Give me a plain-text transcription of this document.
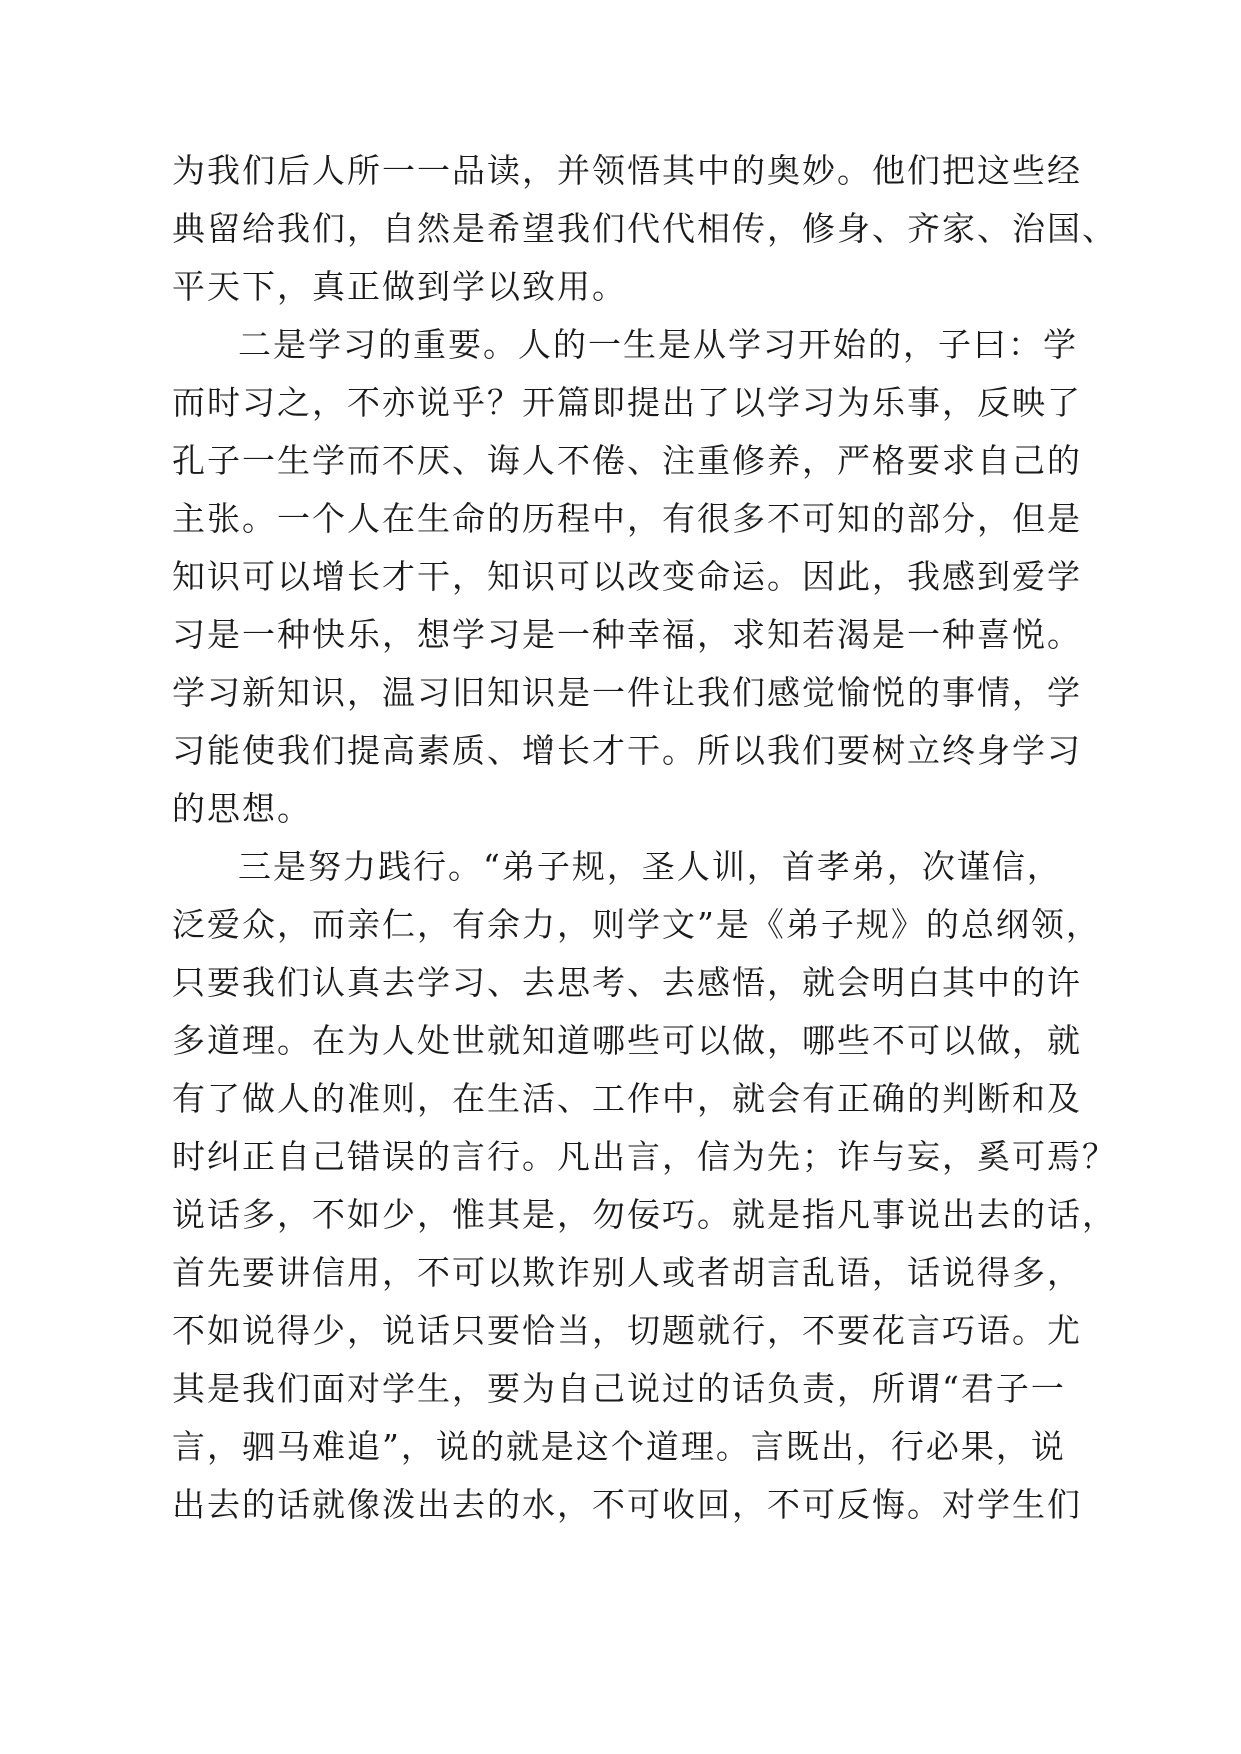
为我们后人所一一品读，并领悟其中的奥妙。他们把这些经
典留给我们，自然是希望我们代代相传，修身、齐家、治国、
平天下，真正做到学以致用。
二是学习的重要。人的一生是从学习开始的，子曰：学
而时习之，不亦说乎？开篇即提出了以学习为乐事，反映了
孔子一生学而不厌、诲人不倦、注重修养，严格要求自己的
主张。一个人在生命的历程中，有很多不可知的部分，但是
知识可以增长才干，知识可以改变命运。因此，我感到爱学
习是一种快乐，想学习是一种幸福，求知若渴是一种喜悦。
学习新知识，温习旧知识是一件让我们感觉愉悦的事情，学
习能使我们提高素质、增长才干。所以我们要树立终身学习
的思想。
三是努力践行。“弟子规，圣人训，首孝弟，次谨信，
泛爱众，而亲仁，有余力，则学文”是《弟子规》的总纲领，
只要我们认真去学习、去思考、去感悟，就会明白其中的许
多道理。在为人处世就知道哪些可以做，哪些不可以做，就
有了做人的准则，在生活、工作中，就会有正确的判断和及
时纠正自己错误的言行。凡出言，信为先；诈与妄，奚可焉？
说话多，不如少，惟其是，勿佞巧。就是指凡事说出去的话，
首先要讲信用，不可以欺诈别人或者胡言乱语，话说得多，
不如说得少，说话只要恰当，切题就行，不要花言巧语。尤
其是我们面对学生，要为自己说过的话负责，所谓“君子一
言，驷马难追”，说的就是这个道理。言既出，行必果，说
出去的话就像泼出去的水，不可收回，不可反悔。对学生们
